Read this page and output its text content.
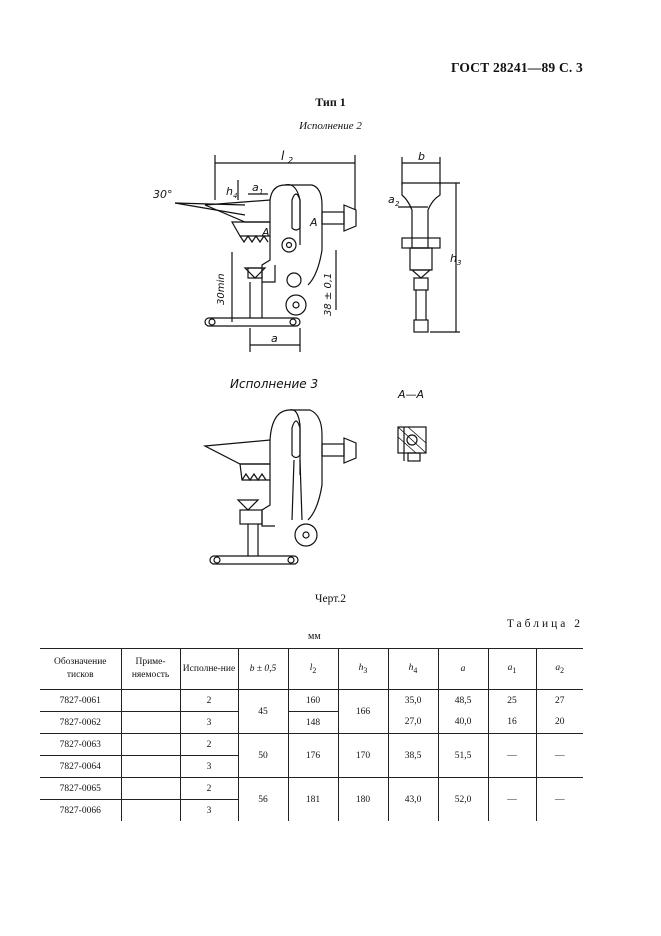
ГОСТ 28241—89 С. 3
Тип 1
Исполнение 2
l 2	b
h 4
a 1
a 2
h 3
30°
A
A
30min	38 ± 0,1
a
Исполнение 3
А—А
Черт.2
Таблица 2
мм
Обозначение тисков	Приме-няемость	Исполне-ние	b ± 0,5	$l_2$	$h_3$	$h_4$	a	$a_1$	$a_2$
7827-0061		2	45	160	166	35,0	48,5	25	27
7827-0062		3		148		27,0	40,0	16	20
7827-0063		2	50	176	170	38,5	51,5	—	—
7827-0064		3							
7827-0065		2	56	181	180	43,0	52,0	—	—
7827-0066		3							
